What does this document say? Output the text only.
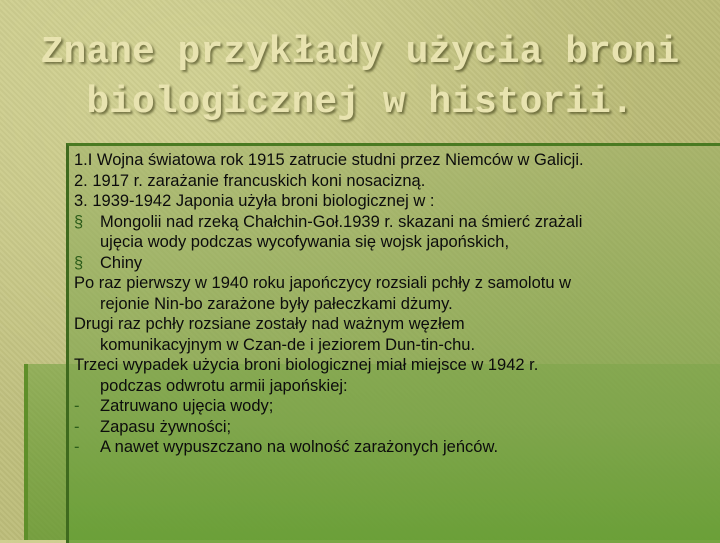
Znane przykłady użycia broni
biologicznej w historii.
1.I Wojna światowa rok 1915 zatrucie studni przez Niemców w Galicji.
2. 1917 r. zarażanie francuskich koni nosacizną.
3. 1939-1942 Japonia użyła broni biologicznej w :
§ Mongolii nad rzeką Chałchin-Goł.1939 r. skazani na śmierć zrażali
ujęcia wody podczas wycofywania się wojsk japońskich,
§ Chiny
Po raz pierwszy w 1940 roku japończycy rozsiali pchły z samolotu w
rejonie Nin-bo zarażone były pałeczkami dżumy.
Drugi raz pchły rozsiane zostały nad ważnym węzłem
komunikacyjnym w Czan-de i jeziorem Dun-tin-chu.
Trzeci wypadek użycia broni biologicznej miał miejsce w 1942 r.
podczas odwrotu armii japońskiej:
- Zatruwano ujęcia wody;
- Zapasu żywności;
- A nawet wypuszczano na wolność zarażonych jeńców.
